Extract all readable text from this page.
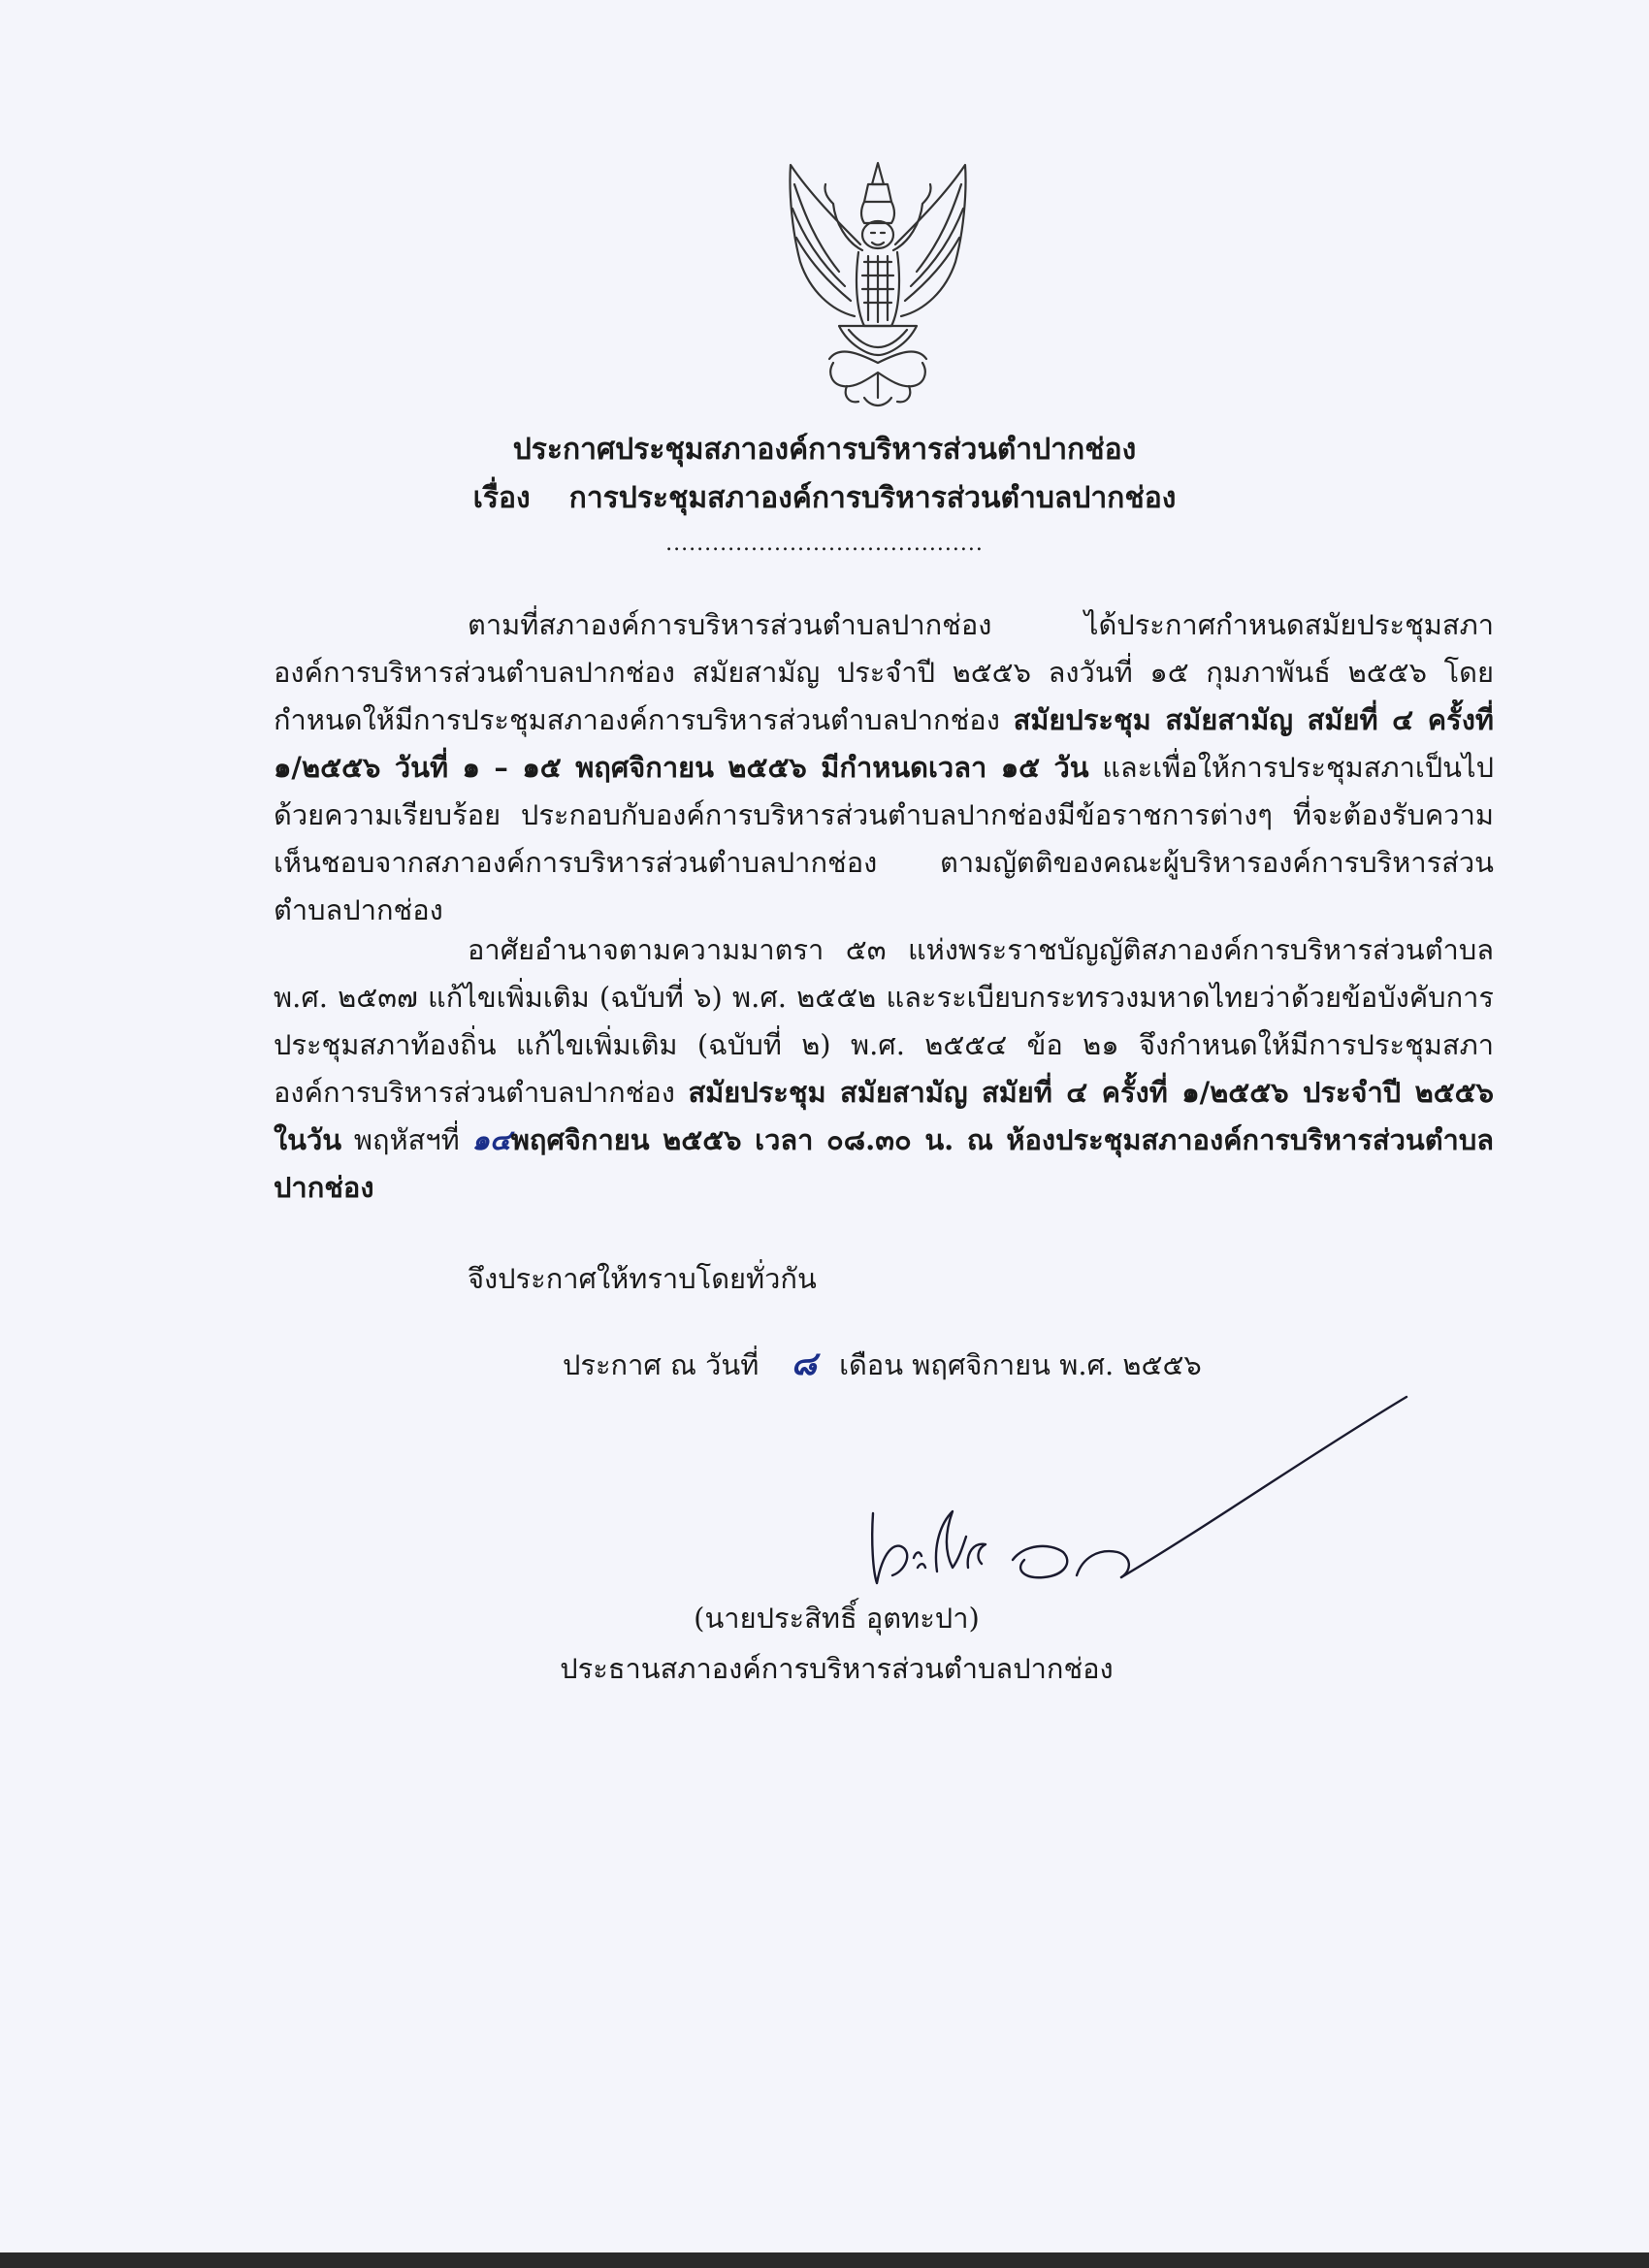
ประกาศประชุมสภาองค์การบริหารส่วนตำปากช่อง
เรื่อง การประชุมสภาองค์การบริหารส่วนตำบลปากช่อง
.........................................
ตามที่สภาองค์การบริหารส่วนตำบลปากช่อง ได้ประกาศกำหนดสมัยประชุมสภาองค์การบริหารส่วนตำบลปากช่อง สมัยสามัญ ประจำปี ๒๕๕๖ ลงวันที่ ๑๕ กุมภาพันธ์ ๒๕๕๖ โดยกำหนดให้มีการประชุมสภาองค์การบริหารส่วนตำบลปากช่อง สมัยประชุม สมัยสามัญ สมัยที่ ๔ ครั้งที่ ๑/๒๕๕๖ วันที่ ๑ – ๑๕ พฤศจิกายน ๒๕๕๖ มีกำหนดเวลา ๑๕ วัน และเพื่อให้การประชุมสภาเป็นไปด้วยความเรียบร้อย ประกอบกับองค์การบริหารส่วนตำบลปากช่องมีข้อราชการต่างๆ ที่จะต้องรับความเห็นชอบจากสภาองค์การบริหารส่วนตำบลปากช่อง ตามญัตติของคณะผู้บริหารองค์การบริหารส่วนตำบลปากช่อง
อาศัยอำนาจตามความมาตรา ๕๓ แห่งพระราชบัญญัติสภาองค์การบริหารส่วนตำบล พ.ศ. ๒๕๓๗ แก้ไขเพิ่มเติม (ฉบับที่ ๖) พ.ศ. ๒๕๕๒ และระเบียบกระทรวงมหาดไทยว่าด้วยข้อบังคับการประชุมสภาท้องถิ่น แก้ไขเพิ่มเติม (ฉบับที่ ๒) พ.ศ. ๒๕๕๔ ข้อ ๒๑ จึงกำหนดให้มีการประชุมสภาองค์การบริหารส่วนตำบลปากช่อง สมัยประชุม สมัยสามัญ สมัยที่ ๔ ครั้งที่ ๑/๒๕๕๖ ประจำปี ๒๕๕๖ ในวัน พฤหัสฯที่ ๑๔พฤศจิกายน ๒๕๕๖ เวลา ๐๘.๓๐ น. ณ ห้องประชุมสภาองค์การบริหารส่วนตำบลปากช่อง
จึงประกาศให้ทราบโดยทั่วกัน
ประกาศ ณ วันที่ ๘ เดือน พฤศจิกายน พ.ศ. ๒๕๕๖
(นายประสิทธิ์ อุตทะปา)
ประธานสภาองค์การบริหารส่วนตำบลปากช่อง
